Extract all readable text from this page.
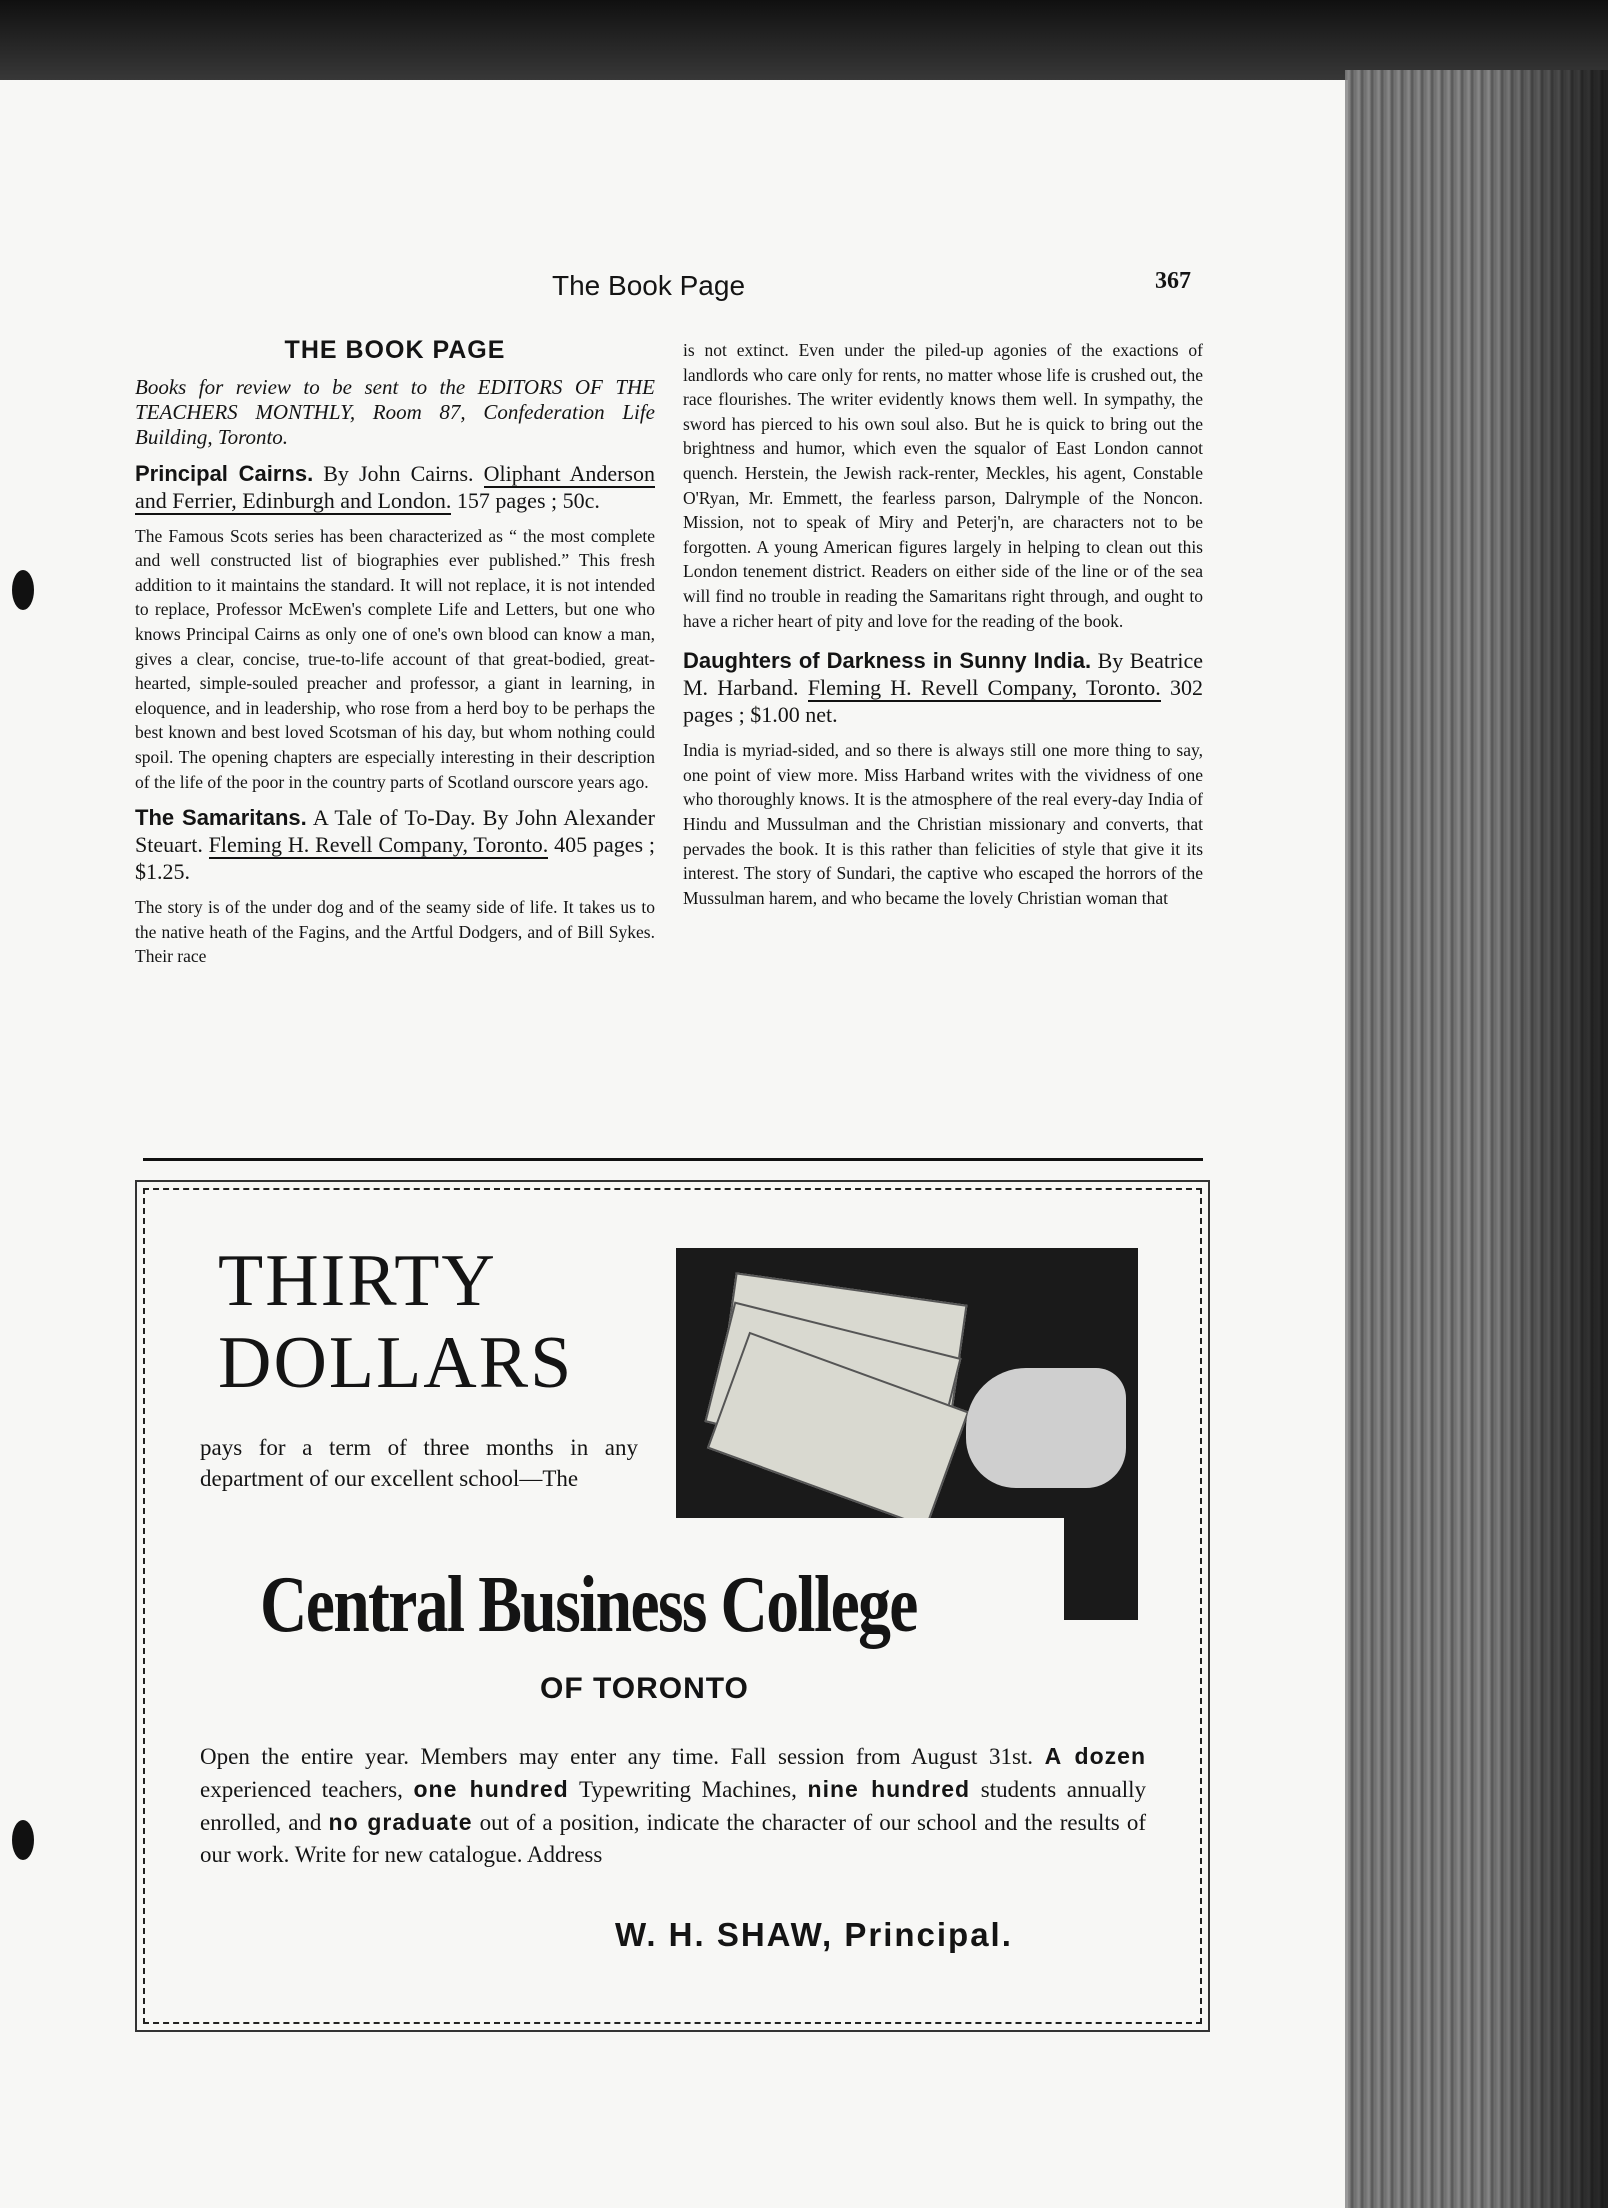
The Book Page	367
THE BOOK PAGE

Books for review to be sent to the EDITORS OF THE TEACHERS MONTHLY, Room 87, Confederation Life Building, Toronto.

Principal Cairns. By John Cairns. Oliphant Anderson and Ferrier, Edinburgh and London. 157 pages ; 50c.

The Famous Scots series has been characterized as “ the most complete and well constructed list of biographies ever published.” This fresh addition to it maintains the standard. It will not replace, it is not intended to replace, Professor McEwen's complete Life and Letters, but one who knows Principal Cairns as only one of one's own blood can know a man, gives a clear, concise, true-to-life account of that great-bodied, great-hearted, simple-souled preacher and professor, a giant in learning, in eloquence, and in leadership, who rose from a herd boy to be perhaps the best known and best loved Scotsman of his day, but whom nothing could spoil. The opening chapters are especially interesting in their description of the life of the poor in the country parts of Scotland ourscore years ago.

The Samaritans. A Tale of To-Day. By John Alexander Steuart. Fleming H. Revell Company, Toronto. 405 pages ; $1.25.

The story is of the under dog and of the seamy side of life. It takes us to the native heath of the Fagins, and the Artful Dodgers, and of Bill Sykes. Their race

is not extinct. Even under the piled-up agonies of the exactions of landlords who care only for rents, no matter whose life is crushed out, the race flourishes. The writer evidently knows them well. In sympathy, the sword has pierced to his own soul also. But he is quick to bring out the brightness and humor, which even the squalor of East London cannot quench. Herstein, the Jewish rack-renter, Meckles, his agent, Constable O'Ryan, Mr. Emmett, the fearless parson, Dalrymple of the Noncon. Mission, not to speak of Miry and Peterj'n, are characters not to be forgotten. A young American figures largely in helping to clean out this London tenement district. Readers on either side of the line or of the sea will find no trouble in reading the Samaritans right through, and ought to have a richer heart of pity and love for the reading of the book.

Daughters of Darkness in Sunny India. By Beatrice M. Harband. Fleming H. Revell Company, Toronto. 302 pages ; $1.00 net.

India is myriad-sided, and so there is always still one more thing to say, one point of view more. Miss Harband writes with the vividness of one who thoroughly knows. It is the atmosphere of the real every-day India of Hindu and Mussulman and the Christian missionary and converts, that pervades the book. It is this rather than felicities of style that give it its interest. The story of Sundari, the captive who escaped the horrors of the Mussulman harem, and who became the lovely Christian woman that

THIRTY
DOLLARS
pays for a term of three months in any department of our excellent school—The
Central Business College
OF TORONTO
Open the entire year. Members may enter any time. Fall session from August 31st. A dozen experienced teachers, one hundred Typewriting Machines, nine hundred students annually enrolled, and no graduate out of a position, indicate the character of our school and the results of our work. Write for new catalogue. Address
W. H. SHAW, Principal.
